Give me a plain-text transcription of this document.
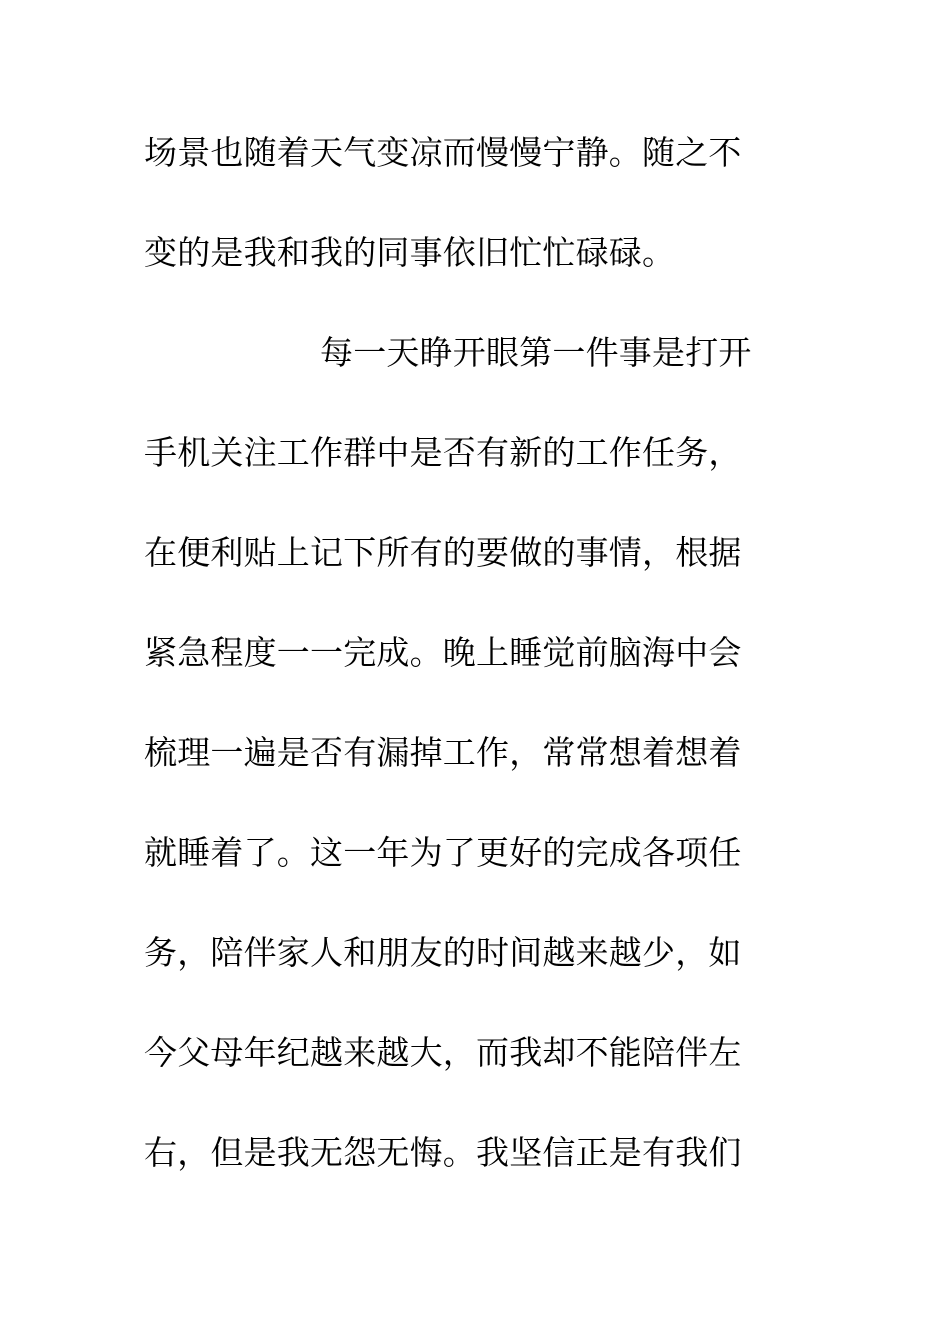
场景也随着天气变凉而慢慢宁静。随之不
变的是我和我的同事依旧忙忙碌碌。
每一天睁开眼第一件事是打开
手机关注工作群中是否有新的工作任务，
在便利贴上记下所有的要做的事情，根据
紧急程度一一完成。晚上睡觉前脑海中会
梳理一遍是否有漏掉工作，常常想着想着
就睡着了。这一年为了更好的完成各项任
务，陪伴家人和朋友的时间越来越少，如
今父母年纪越来越大，而我却不能陪伴左
右，但是我无怨无悔。我坚信正是有我们
